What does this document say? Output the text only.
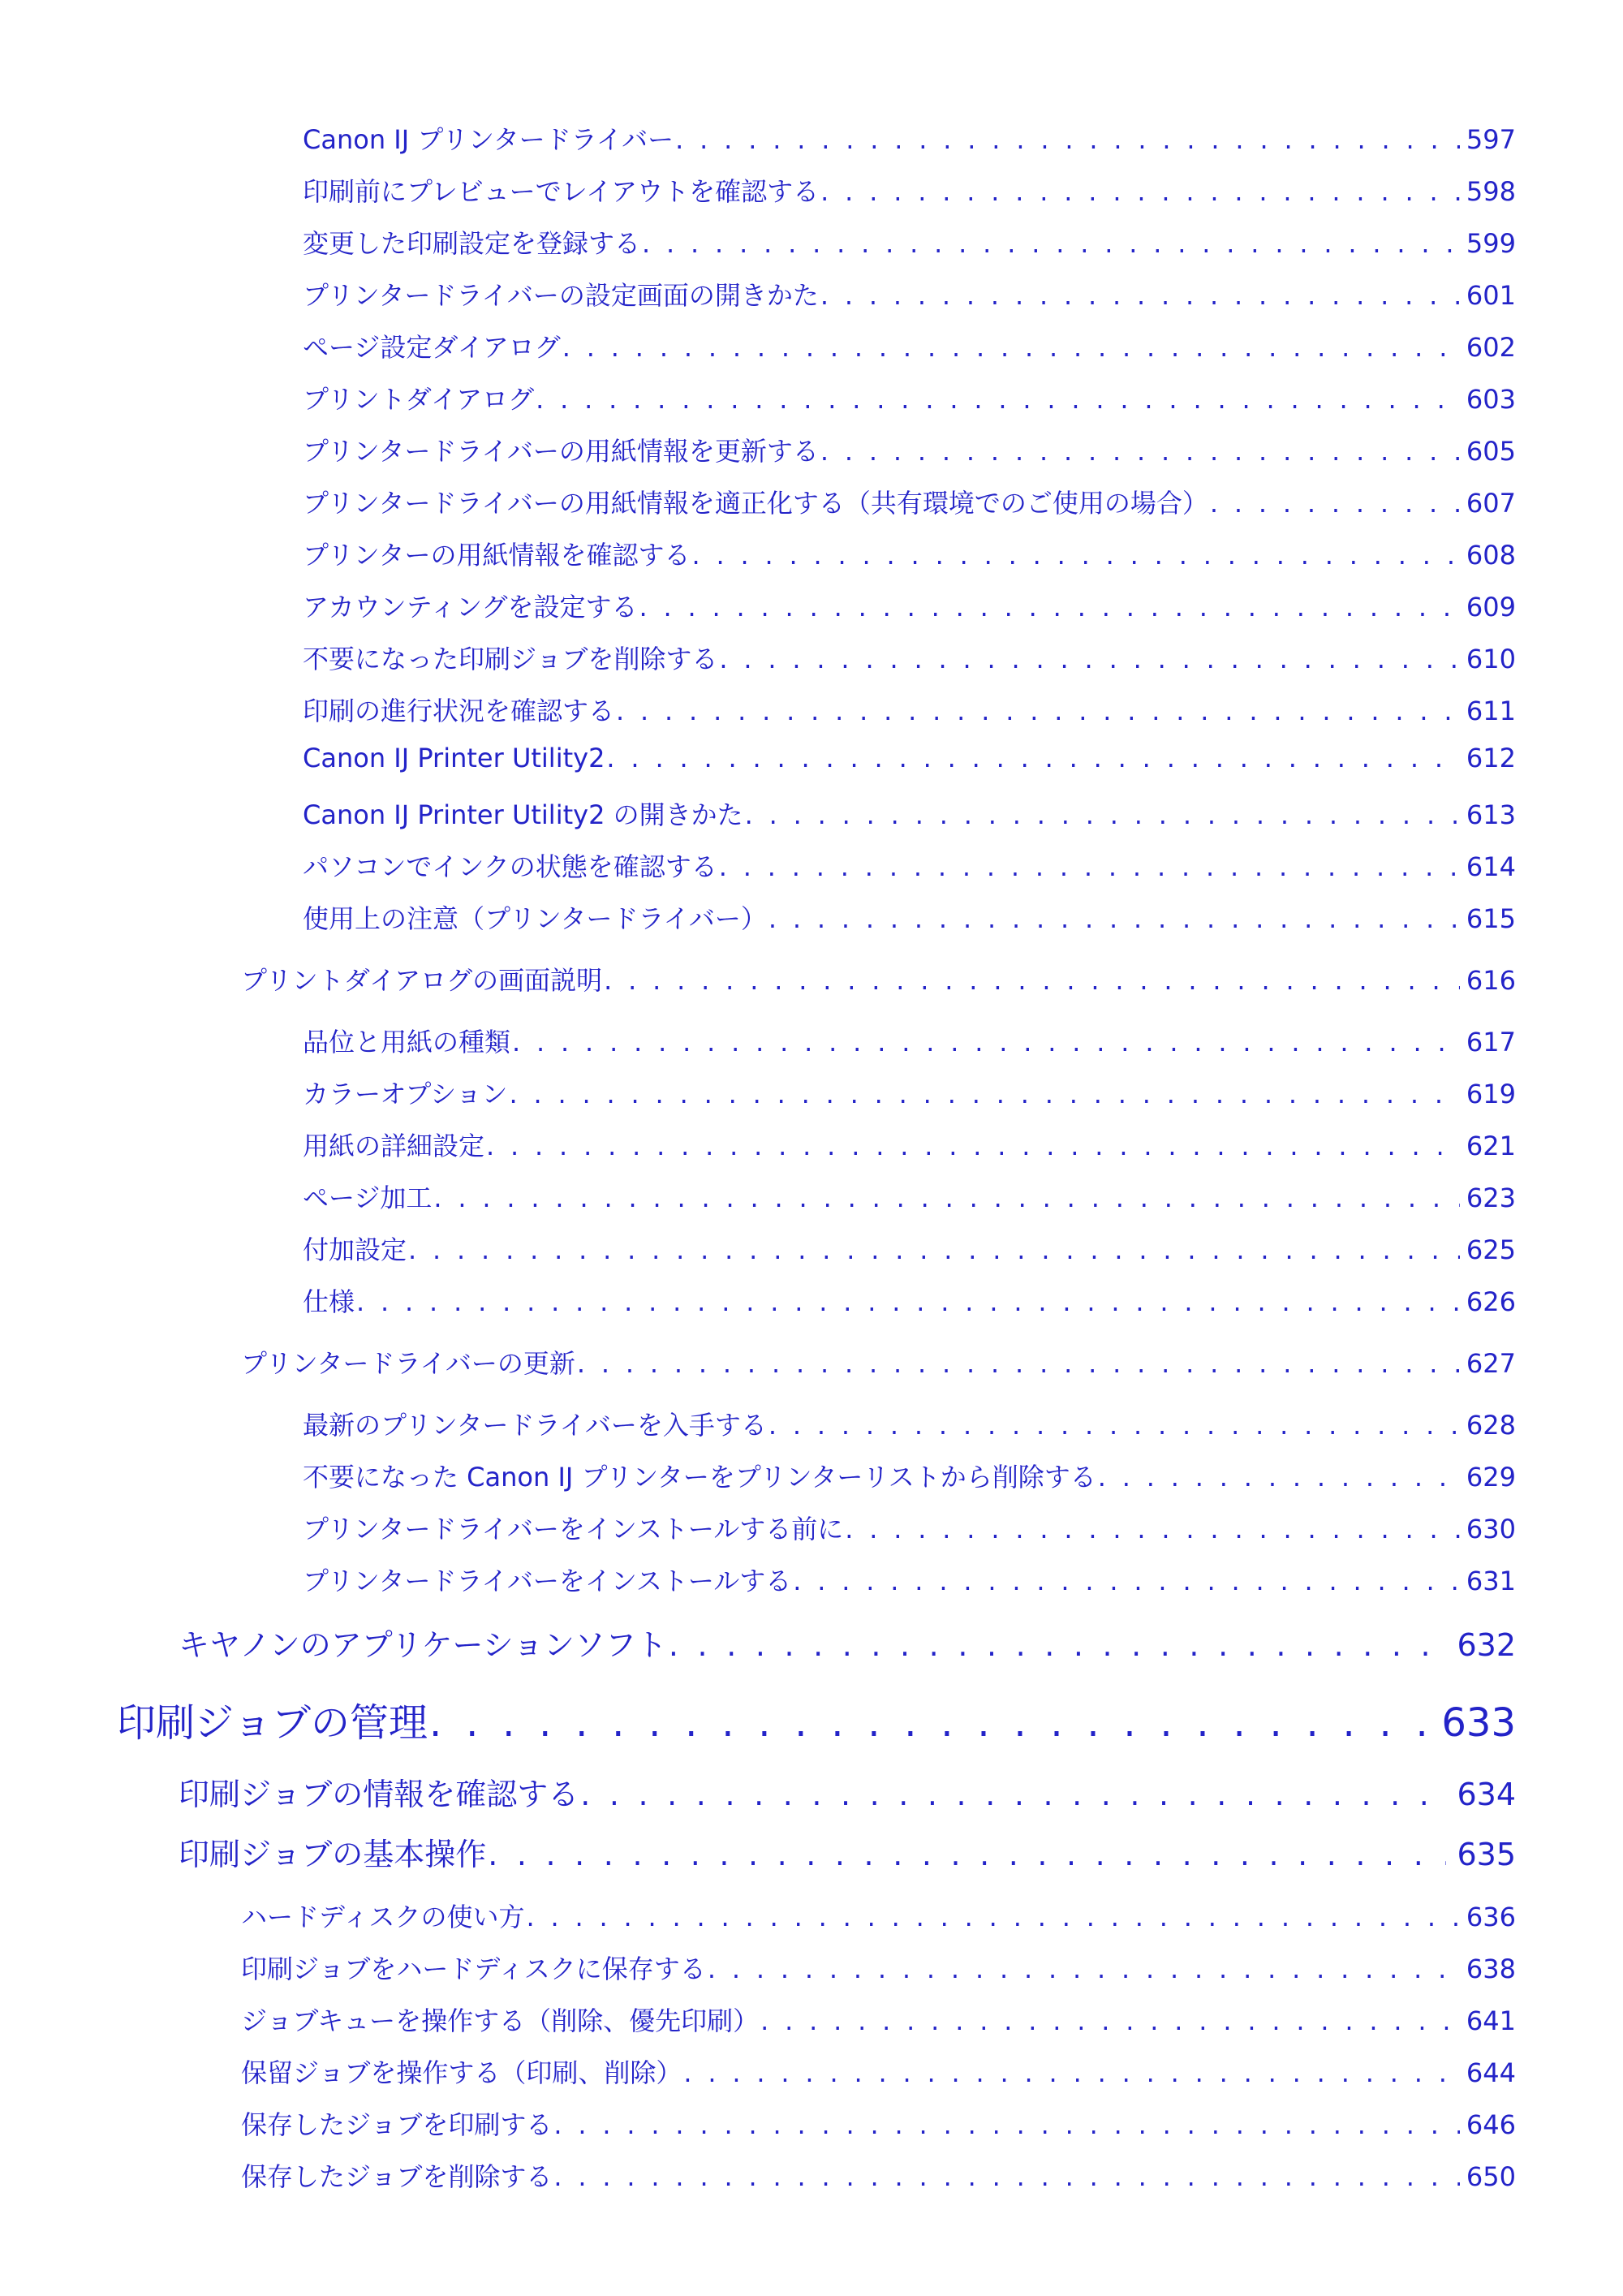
Canon IJ プリンタードライバー .....	597
印刷前にプレビューでレイアウトを確認する .....	598
変更した印刷設定を登録する .....	599
プリンタードライバーの設定画面の開きかた .....	601
ページ設定ダイアログ .....	602
プリントダイアログ .....	603
プリンタードライバーの用紙情報を更新する .....	605
プリンタードライバーの用紙情報を適正化する（共有環境でのご使用の場合） .....	607
プリンターの用紙情報を確認する .....	608
アカウンティングを設定する .....	609
不要になった印刷ジョブを削除する .....	610
印刷の進行状況を確認する .....	611
Canon IJ Printer Utility2 .....	612
Canon IJ Printer Utility2 の開きかた .....	613
パソコンでインクの状態を確認する .....	614
使用上の注意（プリンタードライバー） .....	615
プリントダイアログの画面説明 .....	616
品位と用紙の種類 .....	617
カラーオプション .....	619
用紙の詳細設定 .....	621
ページ加工 .....	623
付加設定 .....	625
仕様 .....	626
プリンタードライバーの更新 .....	627
最新のプリンタードライバーを入手する .....	628
不要になった Canon IJ プリンターをプリンターリストから削除する .....	629
プリンタードライバーをインストールする前に .....	630
プリンタードライバーをインストールする .....	631
キヤノンのアプリケーションソフト .....	632
印刷ジョブの管理 .....	633
印刷ジョブの情報を確認する .....	634
印刷ジョブの基本操作 .....	635
ハードディスクの使い方 .....	636
印刷ジョブをハードディスクに保存する .....	638
ジョブキューを操作する（削除、優先印刷） .....	641
保留ジョブを操作する（印刷、削除） .....	644
保存したジョブを印刷する .....	646
保存したジョブを削除する .....	650
